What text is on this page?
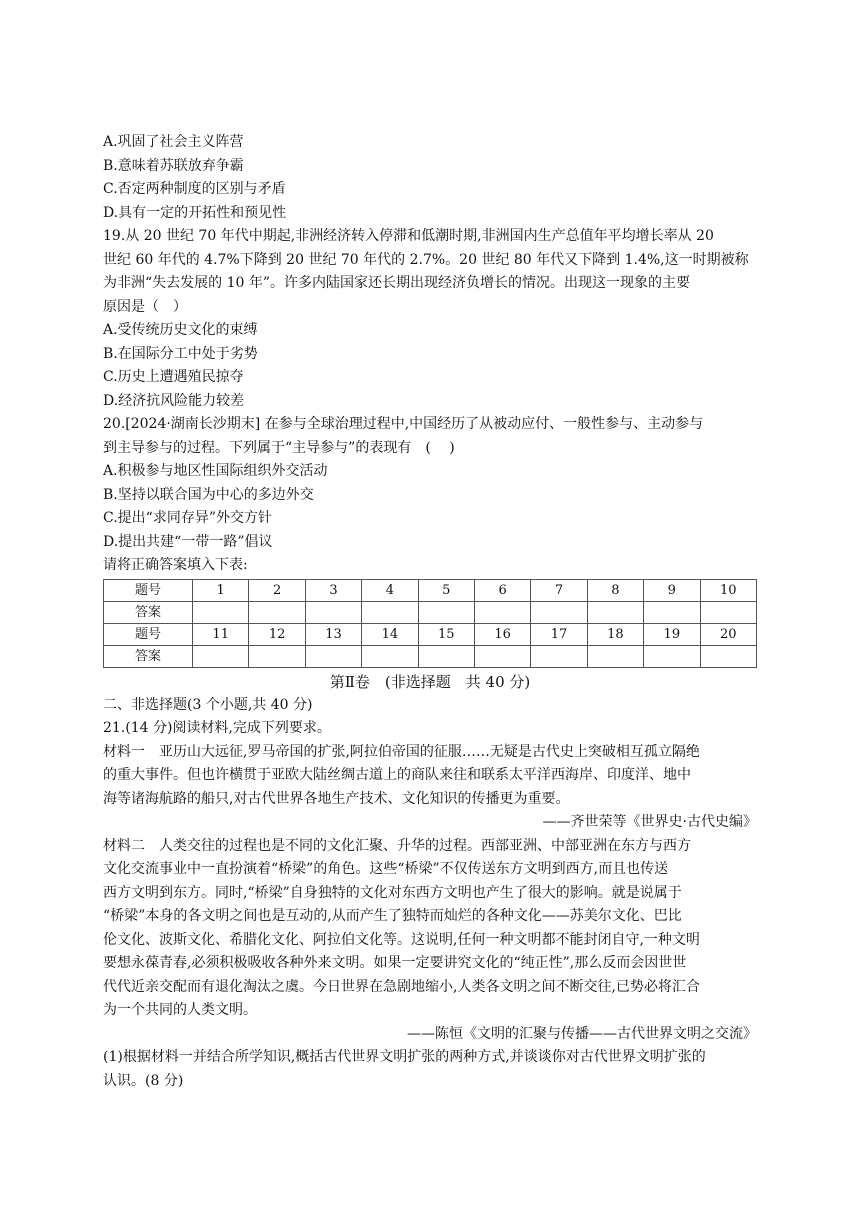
A.巩固了社会主义阵营
B.意味着苏联放弃争霸
C.否定两种制度的区别与矛盾
D.具有一定的开拓性和预见性
19.从 20 世纪 70 年代中期起,非洲经济转入停滞和低潮时期,非洲国内生产总值年平均增长率从 20
世纪 60 年代的 4.7%下降到 20 世纪 70 年代的 2.7%。20 世纪 80 年代又下降到 1.4%,这一时期被称
为非洲“失去发展的 10 年”。许多内陆国家还长期出现经济负增长的情况。出现这一现象的主要
原因是（　）
A.受传统历史文化的束缚
B.在国际分工中处于劣势
C.历史上遭遇殖民掠夺
D.经济抗风险能力较差
20.[2024·湖南长沙期末] 在参与全球治理过程中,中国经历了从被动应付、一般性参与、主动参与
到主导参与的过程。下列属于“主导参与”的表现有　(　 )
A.积极参与地区性国际组织外交活动
B.坚持以联合国为中心的多边外交
C.提出“求同存异”外交方针
D.提出共建“一带一路”倡议
请将正确答案填入下表:
题号	1	2	3	4	5	6	7	8	9	10
答案										
题号	11	12	13	14	15	16	17	18	19	20
答案										
第Ⅱ卷　(非选择题　共 40 分)
二、非选择题(3 个小题,共 40 分)
21.(14 分)阅读材料,完成下列要求。
材料一　亚历山大远征,罗马帝国的扩张,阿拉伯帝国的征服……无疑是古代史上突破相互孤立隔绝
的重大事件。但也许横贯于亚欧大陆丝绸古道上的商队来往和联系太平洋西海岸、印度洋、地中
海等诸海航路的船只,对古代世界各地生产技术、文化知识的传播更为重要。
——齐世荣等《世界史·古代史编》
材料二　人类交往的过程也是不同的文化汇聚、升华的过程。西部亚洲、中部亚洲在东方与西方
文化交流事业中一直扮演着“桥梁”的角色。这些“桥梁”不仅传送东方文明到西方,而且也传送
西方文明到东方。同时,“桥梁”自身独特的文化对东西方文明也产生了很大的影响。就是说属于
“桥梁”本身的各文明之间也是互动的,从而产生了独特而灿烂的各种文化——苏美尔文化、巴比
伦文化、波斯文化、希腊化文化、阿拉伯文化等。这说明,任何一种文明都不能封闭自守,一种文明
要想永葆青春,必须积极吸收各种外来文明。如果一定要讲究文化的“纯正性”,那么反而会因世世
代代近亲交配而有退化淘汰之虞。今日世界在急剧地缩小,人类各文明之间不断交往,已势必将汇合
为一个共同的人类文明。
——陈恒《文明的汇聚与传播——古代世界文明之交流》
(1)根据材料一并结合所学知识,概括古代世界文明扩张的两种方式,并谈谈你对古代世界文明扩张的
认识。(8 分)
